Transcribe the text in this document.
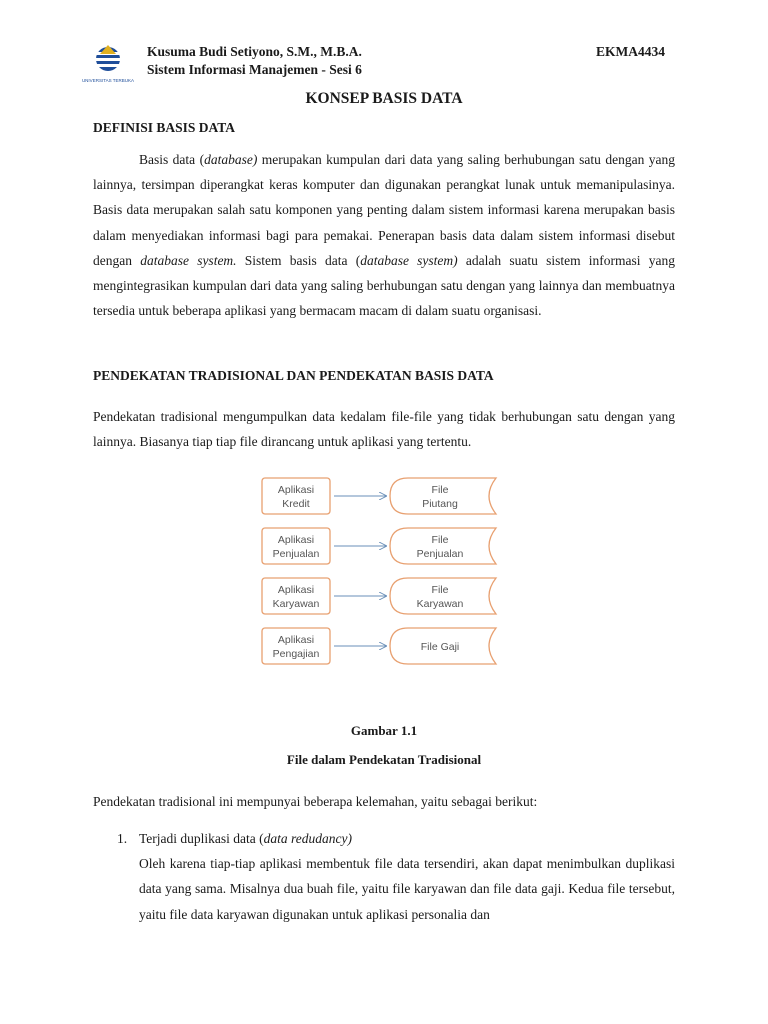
UNIVERSITAS TERBUKA
Kusuma Budi Setiyono, S.M., M.B.A.
Sistem Informasi Manajemen - Sesi 6
EKMA4434
KONSEP BASIS DATA
DEFINISI BASIS DATA

Basis data (database) merupakan kumpulan dari data yang saling berhubungan satu dengan yang lainnya, tersimpan diperangkat keras komputer dan digunakan perangkat lunak untuk memanipulasinya. Basis data merupakan salah satu komponen yang penting dalam sistem informasi karena merupakan basis dalam menyediakan informasi bagi para pemakai. Penerapan basis data dalam sistem informasi disebut dengan database system. Sistem basis data (database system) adalah suatu sistem informasi yang mengintegrasikan kumpulan dari data yang saling berhubungan satu dengan yang lainnya dan membuatnya tersedia untuk beberapa aplikasi yang bermacam macam di dalam suatu organisasi.

PENDEKATAN TRADISIONAL DAN PENDEKATAN BASIS DATA

Pendekatan tradisional mengumpulkan data kedalam file-file yang tidak berhubungan satu dengan yang lainnya. Biasanya tiap tiap file dirancang untuk aplikasi yang tertentu.

Aplikasi
Kredit
File
Piutang
Aplikasi
Penjualan
File
Penjualan
Aplikasi
Karyawan
File
Karyawan
Aplikasi
Pengajian
File Gaji
Gambar 1.1
File dalam Pendekatan Tradisional

Pendekatan tradisional ini mempunyai beberapa kelemahan, yaitu sebagai berikut:

1. Terjadi duplikasi data (data redudancy)

Oleh karena tiap-tiap aplikasi membentuk file data tersendiri, akan dapat menimbulkan duplikasi data yang sama. Misalnya dua buah file, yaitu file karyawan dan file data gaji. Kedua file tersebut, yaitu file data karyawan digunakan untuk aplikasi personalia dan
